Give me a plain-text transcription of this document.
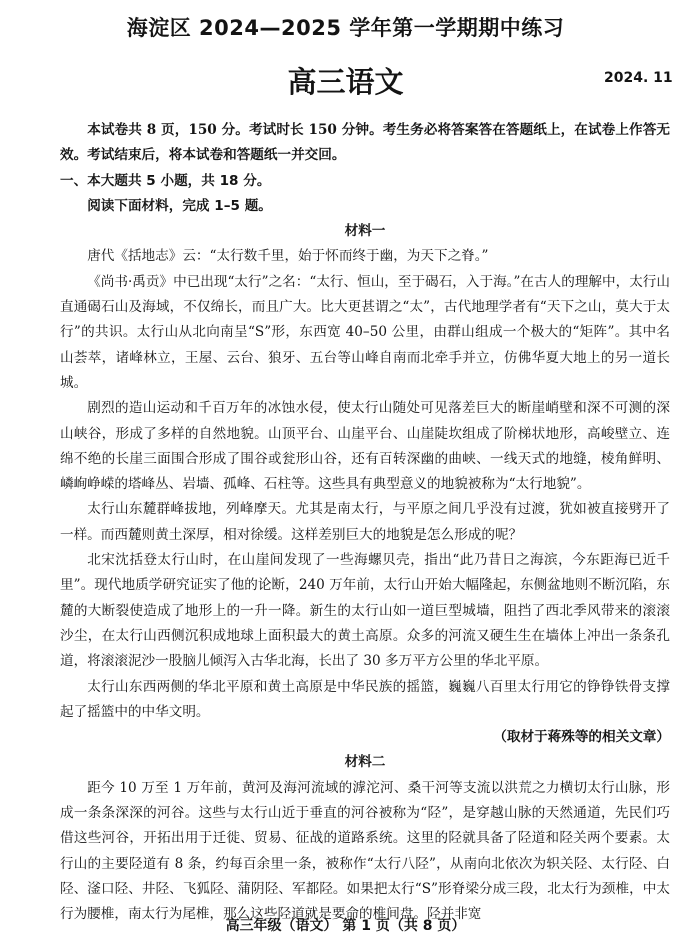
海淀区 2024—2025 学年第一学期期中练习
高三语文	2024. 11

本试卷共 8 页，150 分。考试时长 150 分钟。考生务必将答案答在答题纸上，在试卷上作答无效。考试结束后，将本试卷和答题纸一并交回。

一、本大题共 5 小题，共 18 分。

阅读下面材料，完成 1–5 题。

材料一

唐代《括地志》云：“太行数千里，始于怀而终于幽，为天下之脊。”

《尚书·禹贡》中已出现“太行”之名：“太行、恒山，至于碣石，入于海。”在古人的理解中，太行山直通碣石山及海域，不仅绵长，而且广大。比大更甚谓之“太”，古代地理学者有“天下之山，莫大于太行”的共识。太行山从北向南呈“S”形，东西宽 40–50 公里，由群山组成一个极大的“矩阵”。其中名山荟萃，诸峰林立，王屋、云台、狼牙、五台等山峰自南而北牵手并立，仿佛华夏大地上的另一道长城。

剧烈的造山运动和千百万年的冰蚀水侵，使太行山随处可见落差巨大的断崖峭壁和深不可测的深山峡谷，形成了多样的自然地貌。山顶平台、山崖平台、山崖陡坎组成了阶梯状地形，高峻壁立、连绵不绝的长崖三面围合形成了围谷或瓮形山谷，还有百转深幽的曲峡、一线天式的地缝，棱角鲜明、嶙峋峥嵘的塔峰丛、岩墙、孤峰、石柱等。这些具有典型意义的地貌被称为“太行地貌”。

太行山东麓群峰拔地，列峰摩天。尤其是南太行，与平原之间几乎没有过渡，犹如被直接劈开了一样。而西麓则黄土深厚，相对徐缓。这样差别巨大的地貌是怎么形成的呢？

北宋沈括登太行山时，在山崖间发现了一些海螺贝壳，指出“此乃昔日之海滨，今东距海已近千里”。现代地质学研究证实了他的论断，240 万年前，太行山开始大幅隆起，东侧盆地则不断沉陷，东麓的大断裂使造成了地形上的一升一降。新生的太行山如一道巨型城墙，阻挡了西北季风带来的滚滚沙尘，在太行山西侧沉积成地球上面积最大的黄土高原。众多的河流又硬生生在墙体上冲出一条条孔道，将滚滚泥沙一股脑儿倾泻入古华北海，长出了 30 多万平方公里的华北平原。

太行山东西两侧的华北平原和黄土高原是中华民族的摇篮，巍巍八百里太行用它的铮铮铁骨支撑起了摇篮中的中华文明。

（取材于蒋殊等的相关文章）

材料二

距今 10 万至 1 万年前，黄河及海河流域的滹沱河、桑干河等支流以洪荒之力横切太行山脉，形成一条条深深的河谷。这些与太行山近于垂直的河谷被称为“陉”，是穿越山脉的天然通道，先民们巧借这些河谷，开拓出用于迁徙、贸易、征战的道路系统。这里的陉就具备了陉道和陉关两个要素。太行山的主要陉道有 8 条，约每百余里一条，被称作“太行八陉”，从南向北依次为轵关陉、太行陉、白陉、滏口陉、井陉、飞狐陉、蒲阴陉、军都陉。如果把太行“S”形脊梁分成三段，北太行为颈椎，中太行为腰椎，南太行为尾椎，那么这些陉道就是要命的椎间盘。陉并非宽

高三年级（语文） 第 1 页（共 8 页）
